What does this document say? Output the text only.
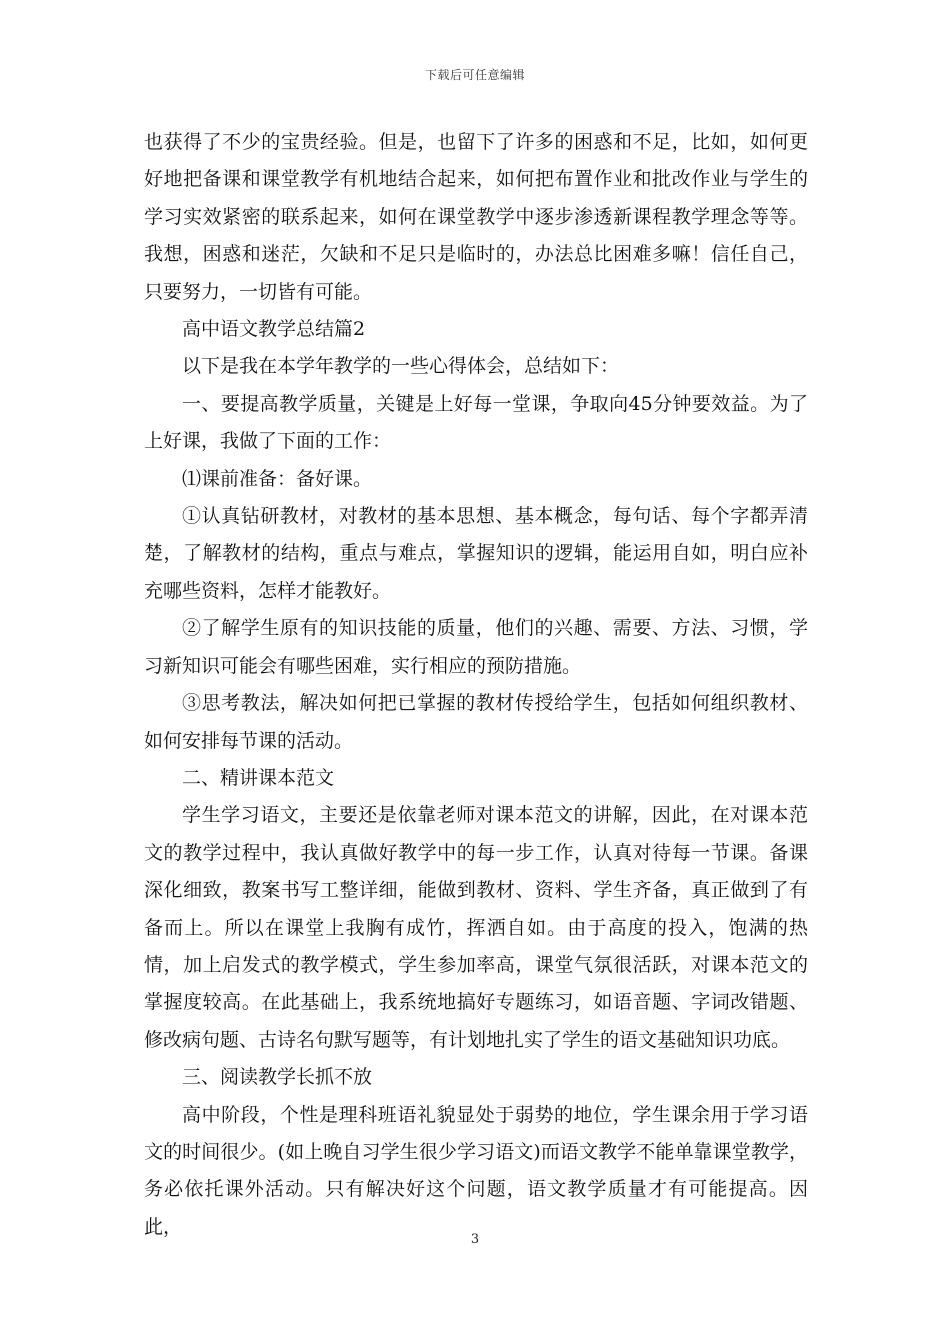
下载后可任意编辑

也获得了不少的宝贵经验。但是，也留下了许多的困惑和不足，比如，如何更好地把备课和课堂教学有机地结合起来，如何把布置作业和批改作业与学生的学习实效紧密的联系起来，如何在课堂教学中逐步渗透新课程教学理念等等。我想，困惑和迷茫，欠缺和不足只是临时的，办法总比困难多嘛！信任自己，只要努力，一切皆有可能。

高中语文教学总结篇2

以下是我在本学年教学的一些心得体会，总结如下：

一、要提高教学质量，关键是上好每一堂课，争取向45分钟要效益。为了上好课，我做了下面的工作：

⑴课前准备：备好课。

①认真钻研教材，对教材的基本思想、基本概念，每句话、每个字都弄清楚，了解教材的结构，重点与难点，掌握知识的逻辑，能运用自如，明白应补充哪些资料，怎样才能教好。

②了解学生原有的知识技能的质量，他们的兴趣、需要、方法、习惯，学习新知识可能会有哪些困难，实行相应的预防措施。

③思考教法，解决如何把已掌握的教材传授给学生，包括如何组织教材、如何安排每节课的活动。

二、精讲课本范文

学生学习语文，主要还是依靠老师对课本范文的讲解，因此，在对课本范文的教学过程中，我认真做好教学中的每一步工作，认真对待每一节课。备课深化细致，教案书写工整详细，能做到教材、资料、学生齐备，真正做到了有备而上。所以在课堂上我胸有成竹，挥洒自如。由于高度的投入，饱满的热情，加上启发式的教学模式，学生参加率高，课堂气氛很活跃，对课本范文的掌握度较高。在此基础上，我系统地搞好专题练习，如语音题、字词改错题、修改病句题、古诗名句默写题等，有计划地扎实了学生的语文基础知识功底。

三、阅读教学长抓不放

高中阶段，个性是理科班语礼貌显处于弱势的地位，学生课余用于学习语文的时间很少。(如上晚自习学生很少学习语文)而语文教学不能单靠课堂教学，务必依托课外活动。只有解决好这个问题，语文教学质量才有可能提高。因此，

3
